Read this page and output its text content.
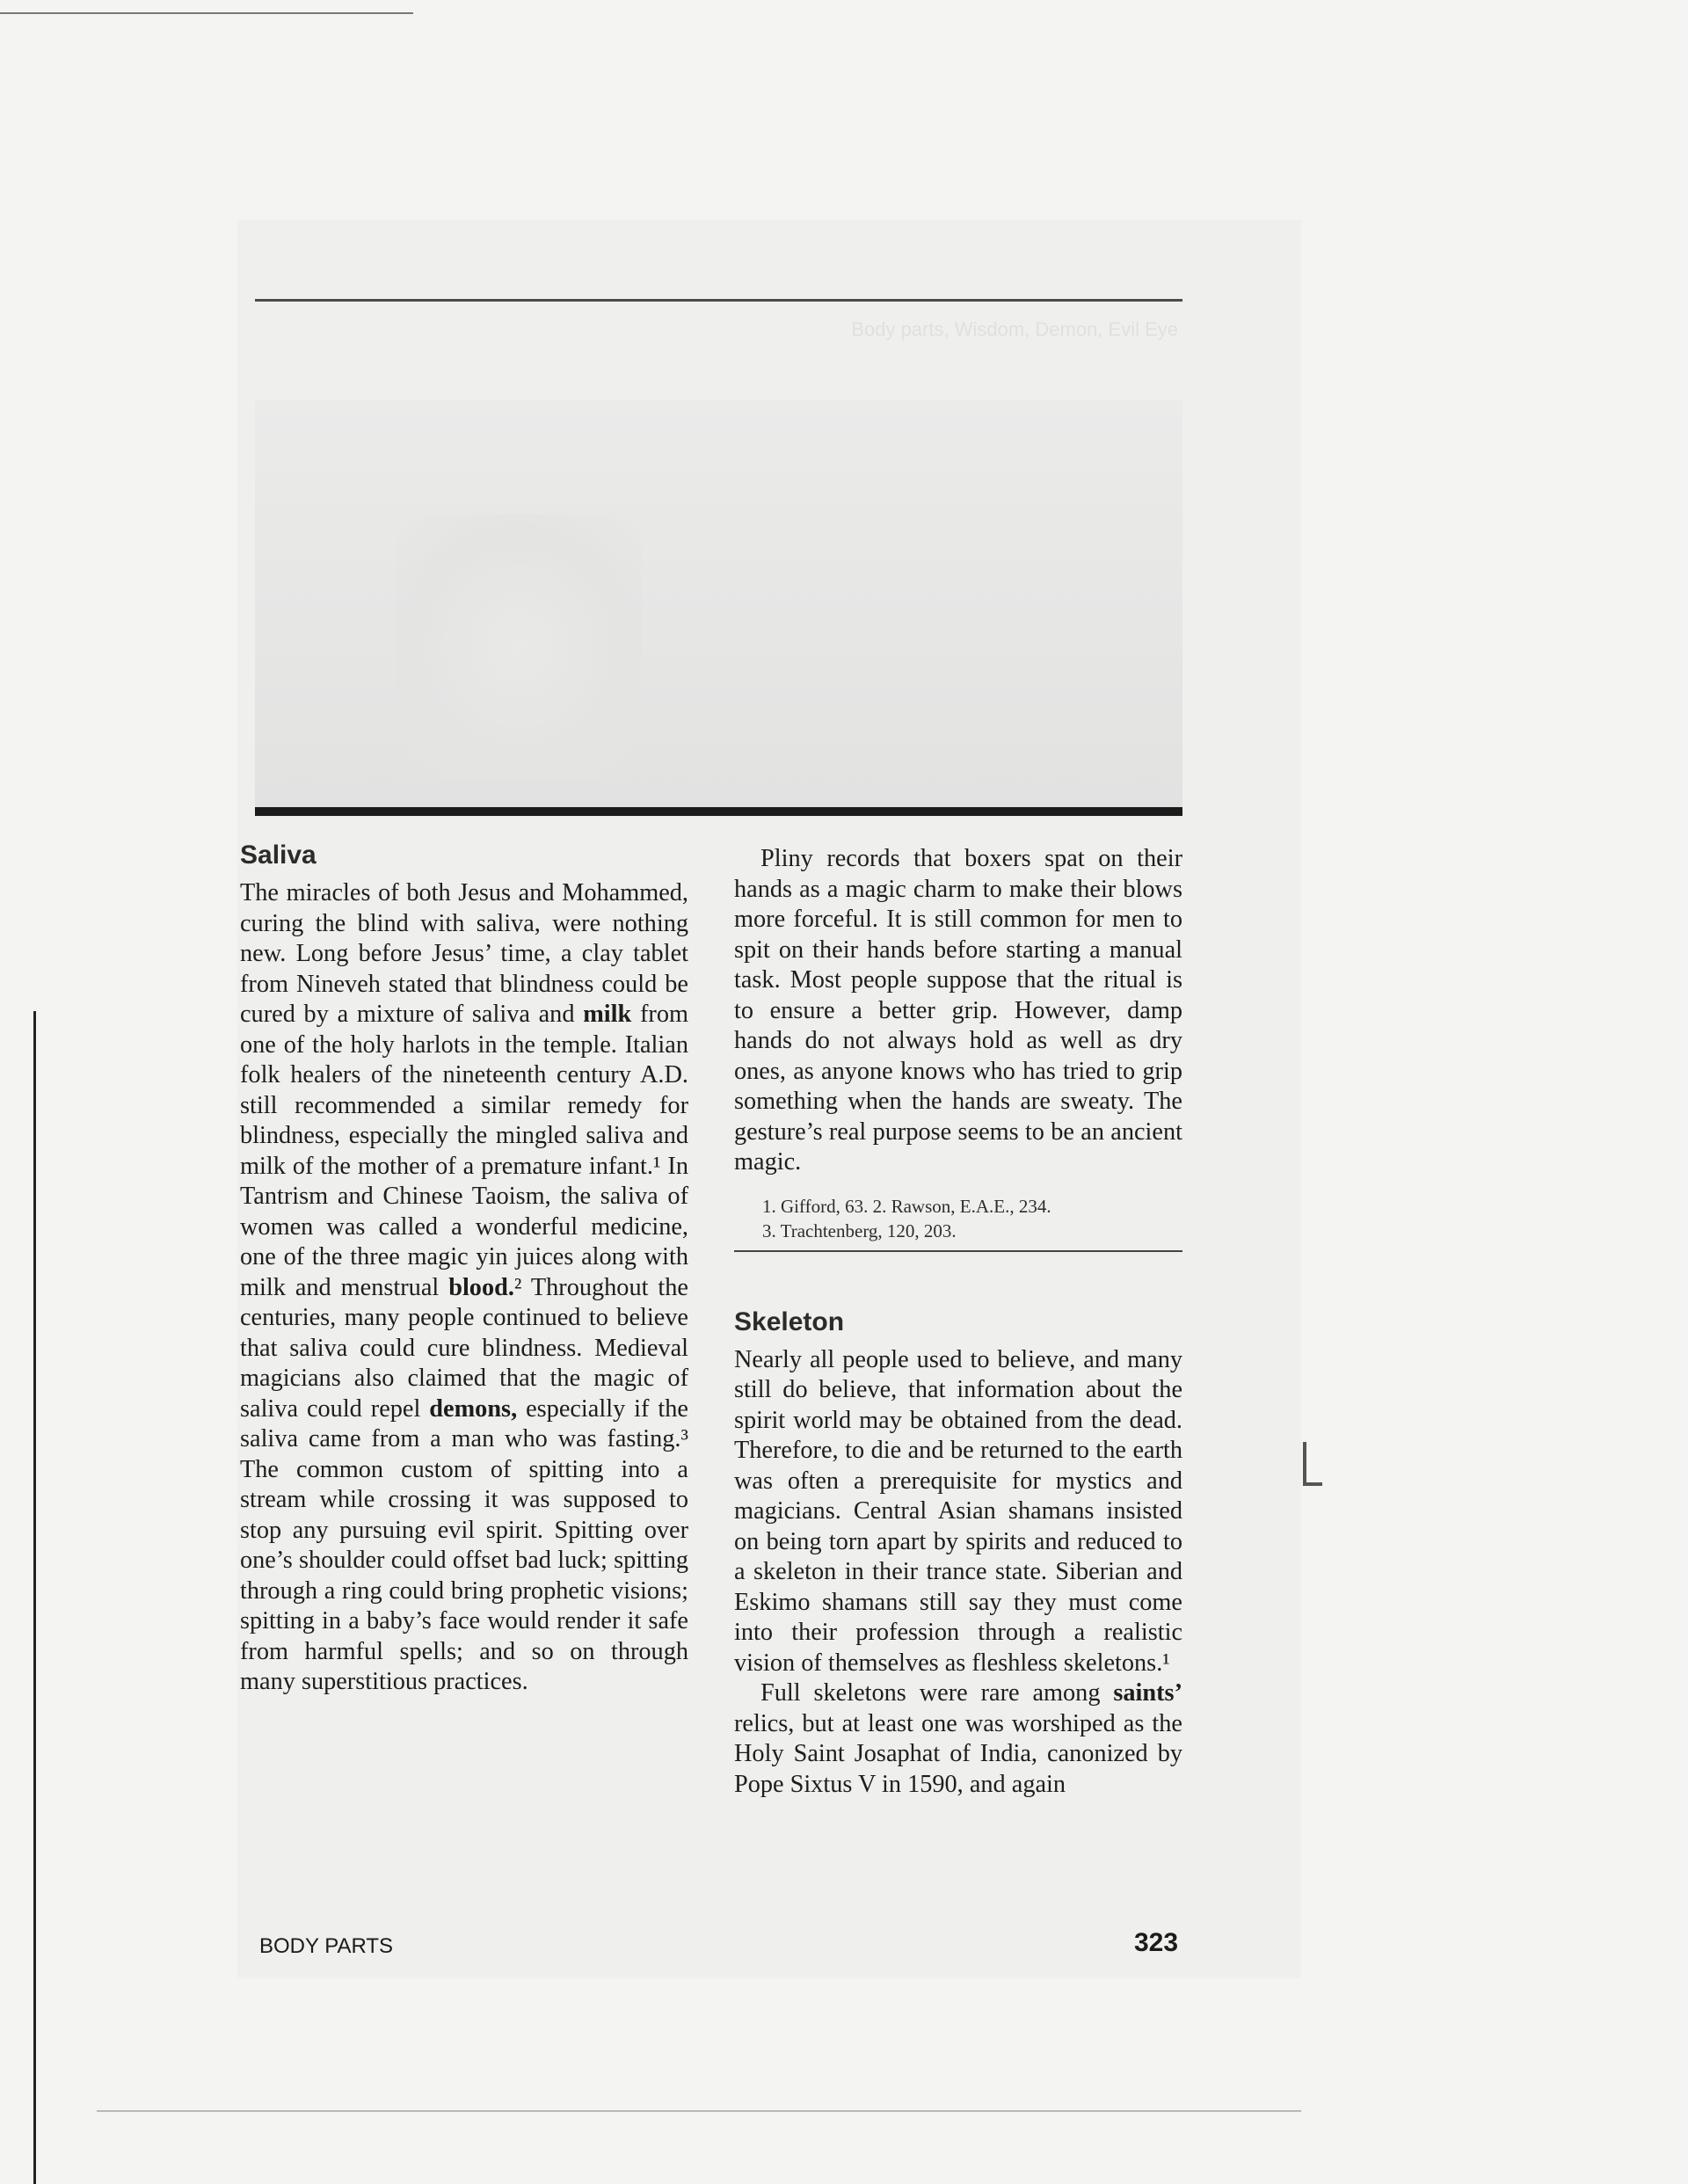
Body parts, Wisdom, Demon, Evil Eye
Saliva

The miracles of both Jesus and Mohammed, curing the blind with saliva, were nothing new. Long before Jesus’ time, a clay tablet from Nineveh stated that blindness could be cured by a mixture of saliva and milk from one of the holy harlots in the temple. Italian folk healers of the nineteenth century A.D. still recommended a similar remedy for blindness, especially the mingled saliva and milk of the mother of a premature infant.¹ In Tantrism and Chinese Taoism, the saliva of women was called a wonderful medicine, one of the three magic yin juices along with milk and menstrual blood.² Throughout the centuries, many people continued to believe that saliva could cure blindness. Medieval magicians also claimed that the magic of saliva could repel demons, especially if the saliva came from a man who was fasting.³ The common custom of spitting into a stream while crossing it was supposed to stop any pursuing evil spirit. Spitting over one’s shoulder could offset bad luck; spitting through a ring could bring prophetic visions; spitting in a baby’s face would render it safe from harmful spells; and so on through many superstitious practices.

Pliny records that boxers spat on their hands as a magic charm to make their blows more forceful. It is still common for men to spit on their hands before starting a manual task. Most people suppose that the ritual is to ensure a better grip. However, damp hands do not always hold as well as dry ones, as anyone knows who has tried to grip something when the hands are sweaty. The gesture’s real purpose seems to be an ancient magic.

1. Gifford, 63. 2. Rawson, E.A.E., 234.
3. Trachtenberg, 120, 203.
Skeleton

Nearly all people used to believe, and many still do believe, that information about the spirit world may be obtained from the dead. Therefore, to die and be returned to the earth was often a prerequisite for mystics and magicians. Central Asian shamans insisted on being torn apart by spirits and reduced to a skeleton in their trance state. Siberian and Eskimo shamans still say they must come into their profession through a realistic vision of themselves as fleshless skeletons.¹

Full skeletons were rare among saints’ relics, but at least one was worshiped as the Holy Saint Josaphat of India, canonized by Pope Sixtus V in 1590, and again

BODY PARTS	323
